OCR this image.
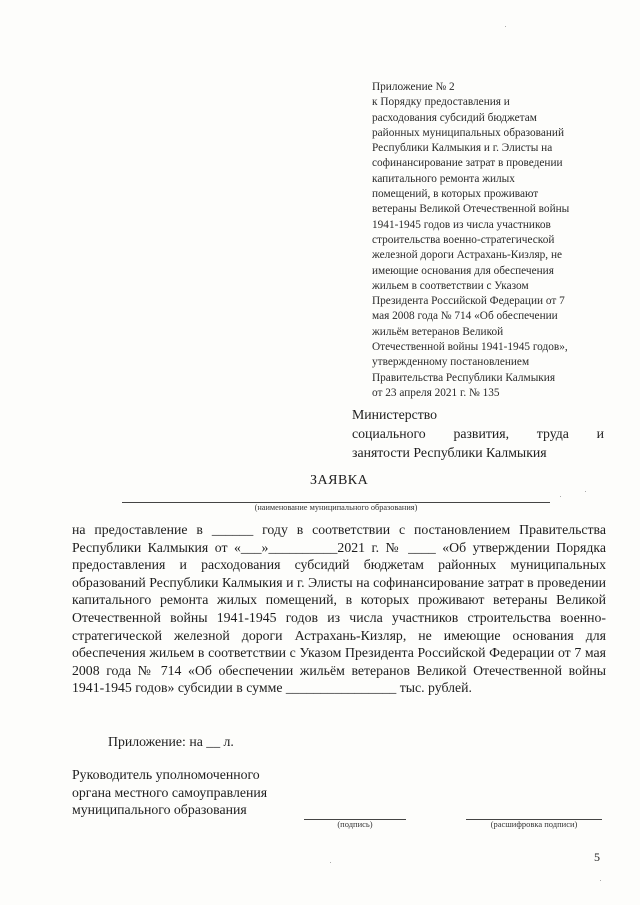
Приложение № 2
к Порядку предоставления и
расходования субсидий бюджетам
районных муниципальных образований
Республики Калмыкия и г. Элисты на
софинансирование затрат в проведении
капитального ремонта жилых
помещений, в которых проживают
ветераны Великой Отечественной войны
1941-1945 годов из числа участников
строительства военно-стратегической
железной дороги Астрахань-Кизляр, не
имеющие основания для обеспечения
жильем в соответствии с Указом
Президента Российской Федерации от 7
мая 2008 года № 714 «Об обеспечении
жильём ветеранов Великой
Отечественной войны 1941-1945 годов»,
утвержденному постановлением
Правительства Республики Калмыкия
от 23 апреля 2021 г. № 135
Министерство
социального развития, труда и
занятости Республики Калмыкия
ЗАЯВКА
(наименование муниципального образования)
на предоставление в ______ году в соответствии с постановлением Правительства Республики Калмыкия от «___»__________2021 г. № ____ «Об утверждении Порядка предоставления и расходования субсидий бюджетам районных муниципальных образований Республики Калмыкия и г. Элисты на софинансирование затрат в проведении капитального ремонта жилых помещений, в которых проживают ветераны Великой Отечественной войны 1941-1945 годов из числа участников строительства военно-стратегической железной дороги Астрахань-Кизляр, не имеющие основания для обеспечения жильем в соответствии с Указом Президента Российской Федерации от 7 мая 2008 года № 714 «Об обеспечении жильём ветеранов Великой Отечественной войны 1941-1945 годов» субсидии в сумме ________________ тыс. рублей.
Приложение: на __ л.
Руководитель уполномоченного
органа местного самоуправления
муниципального образования
(подпись)	(расшифровка подписи)
5
